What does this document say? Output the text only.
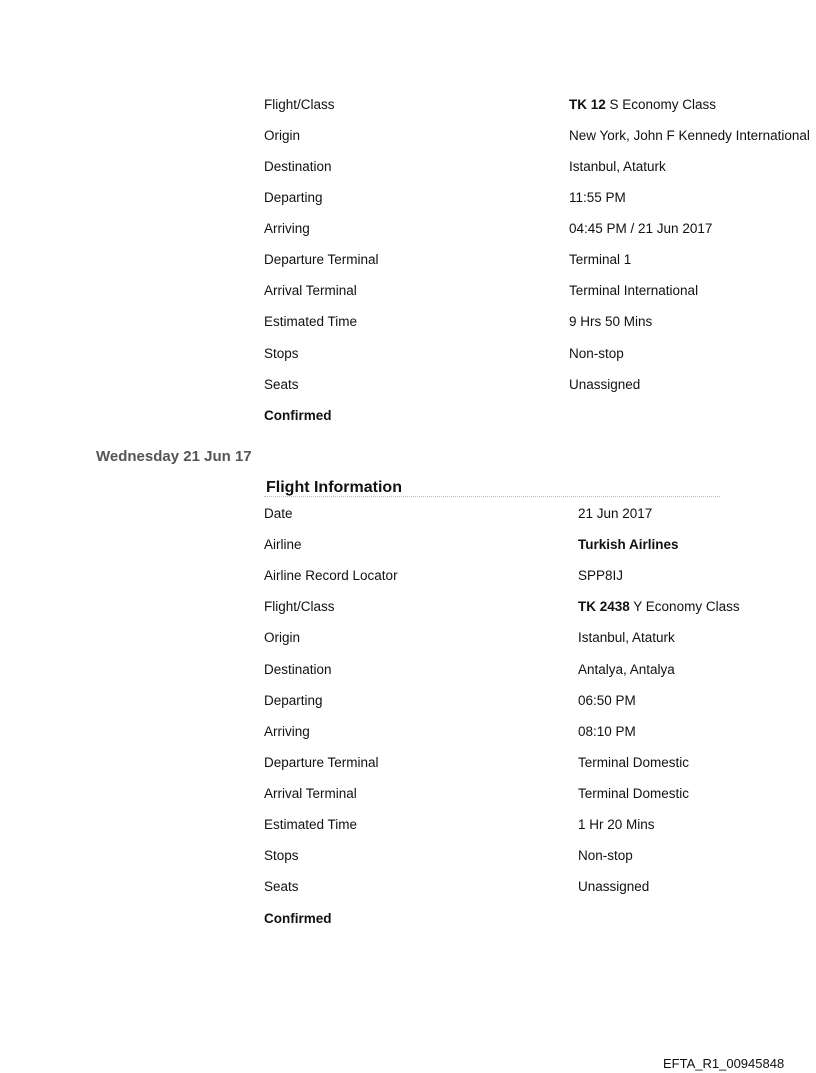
Flight/Class	TK 12 S Economy Class
Origin	New York, John F Kennedy International
Destination	Istanbul, Ataturk
Departing	11:55 PM
Arriving	04:45 PM / 21 Jun 2017
Departure Terminal	Terminal 1
Arrival Terminal	Terminal International
Estimated Time	9 Hrs 50 Mins
Stops	Non-stop
Seats	Unassigned
Confirmed
Wednesday 21 Jun 17
Flight Information
Date	21 Jun 2017
Airline	Turkish Airlines
Airline Record Locator	SPP8IJ
Flight/Class	TK 2438 Y Economy Class
Origin	Istanbul, Ataturk
Destination	Antalya, Antalya
Departing	06:50 PM
Arriving	08:10 PM
Departure Terminal	Terminal Domestic
Arrival Terminal	Terminal Domestic
Estimated Time	1 Hr 20 Mins
Stops	Non-stop
Seats	Unassigned
Confirmed
EFTA_R1_00945848
